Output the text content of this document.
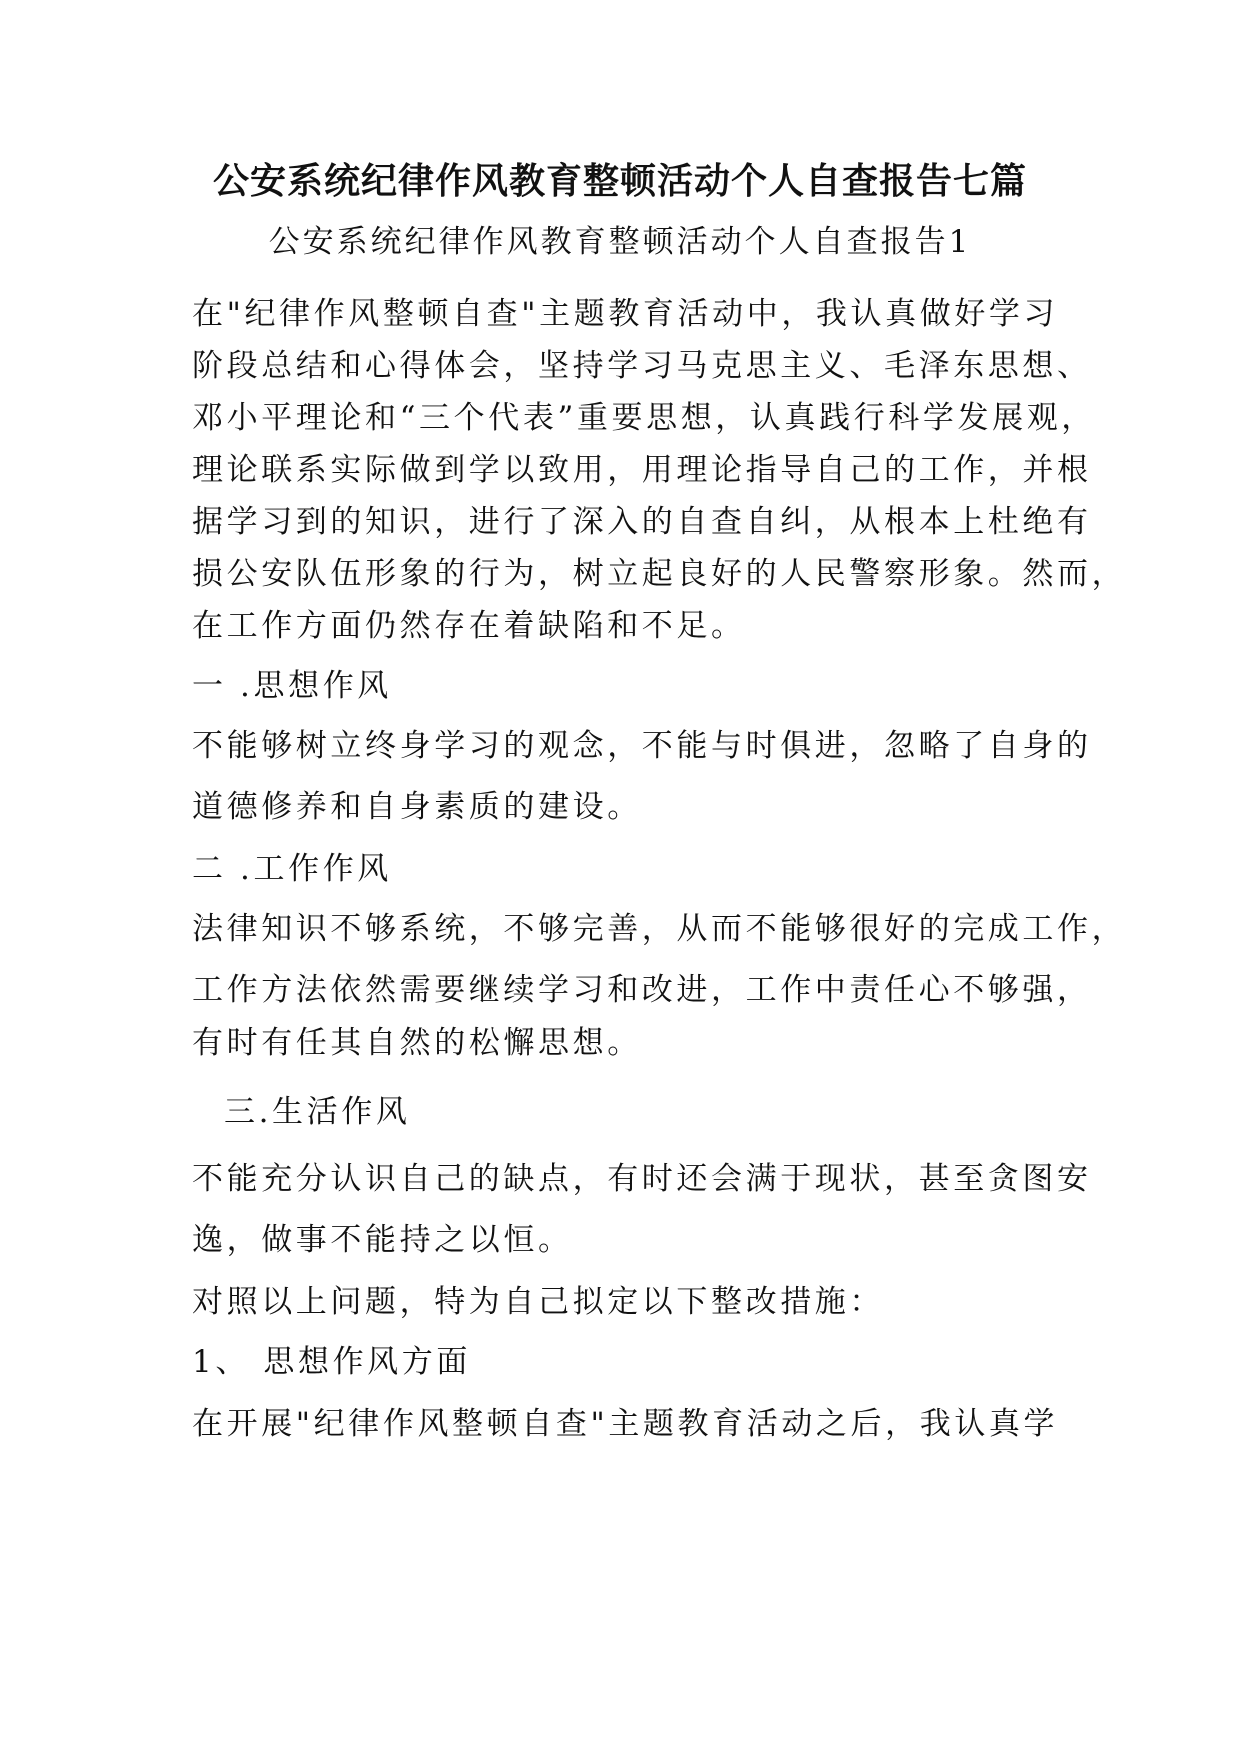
公安系统纪律作风教育整顿活动个人自查报告七篇
公安系统纪律作风教育整顿活动个人自查报告1
在"纪律作风整顿自查"主题教育活动中，我认真做好学习
阶段总结和心得体会，坚持学习马克思主义、毛泽东思想、
邓小平理论和“三个代表”重要思想，认真践行科学发展观，
理论联系实际做到学以致用，用理论指导自己的工作，并根
据学习到的知识，进行了深入的自查自纠，从根本上杜绝有
损公安队伍形象的行为，树立起良好的人民警察形象。然而，
在工作方面仍然存在着缺陷和不足。
一 .思想作风
不能够树立终身学习的观念，不能与时俱进，忽略了自身的
道德修养和自身素质的建设。
二 .工作作风
法律知识不够系统，不够完善，从而不能够很好的完成工作，
工作方法依然需要继续学习和改进，工作中责任心不够强，
有时有任其自然的松懈思想。
三.生活作风
不能充分认识自己的缺点，有时还会满于现状，甚至贪图安
逸，做事不能持之以恒。
对照以上问题，特为自己拟定以下整改措施：
1、 思想作风方面
在开展"纪律作风整顿自查"主题教育活动之后，我认真学
